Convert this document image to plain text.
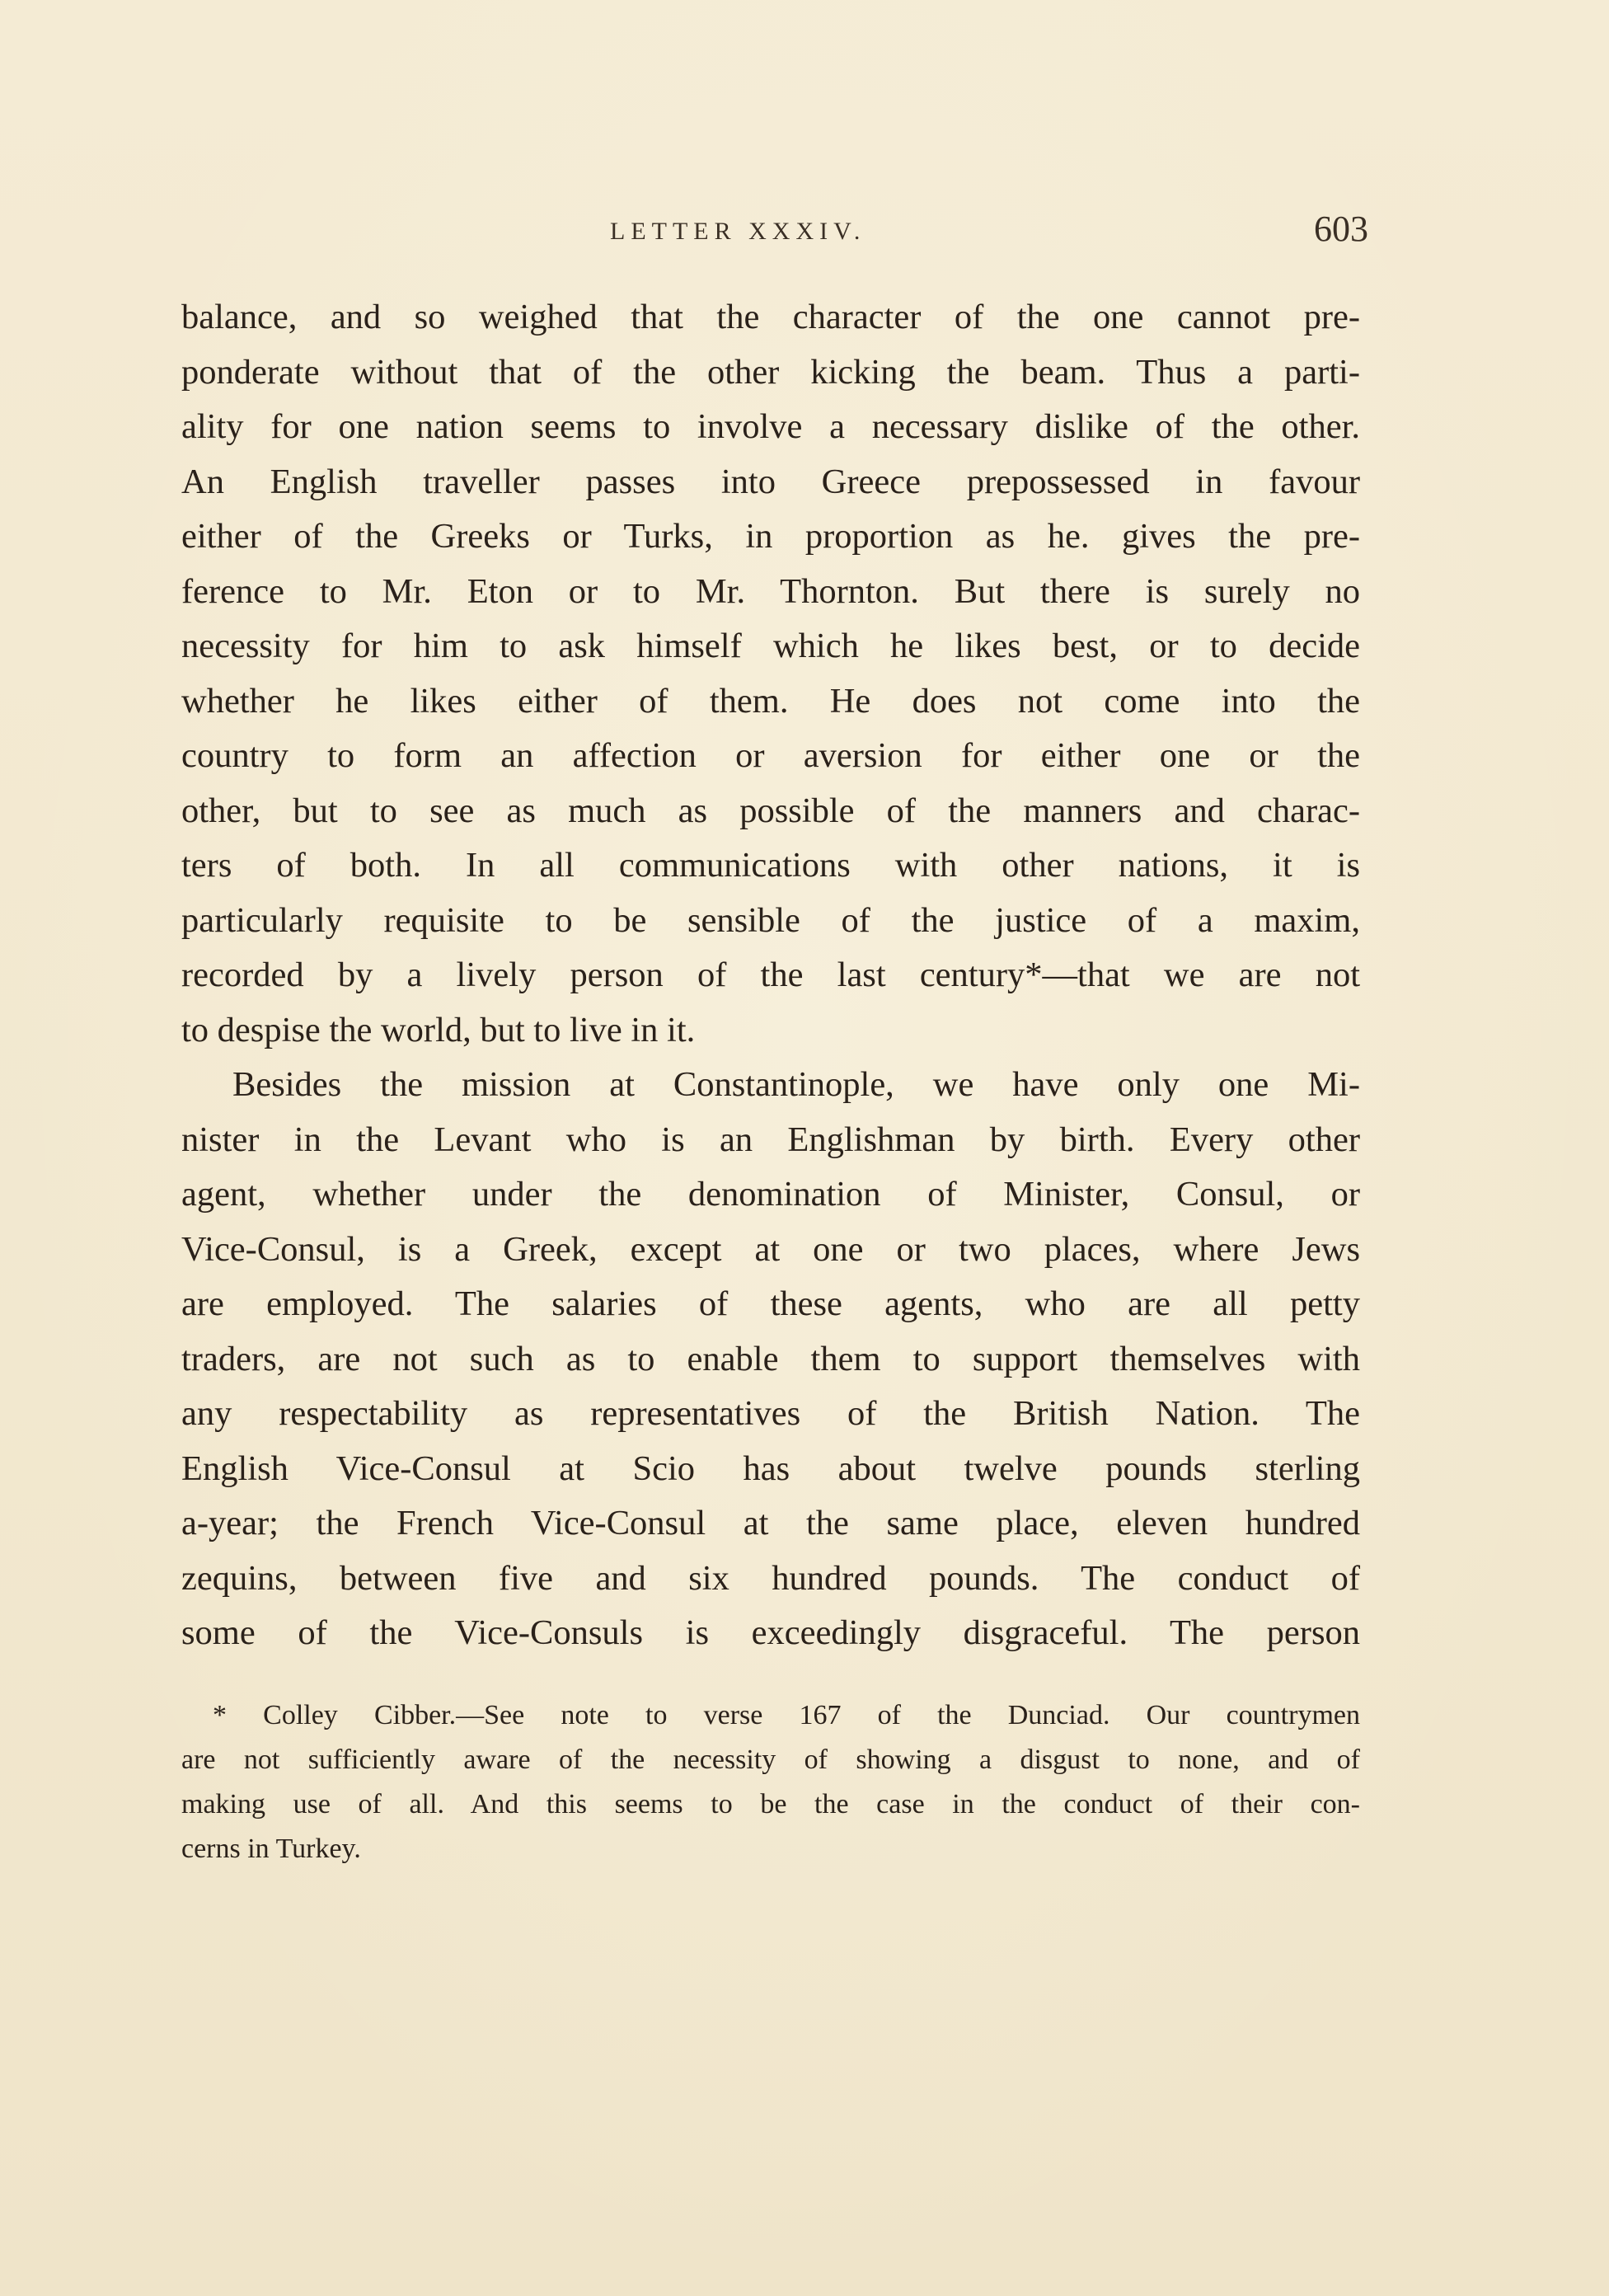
LETTER XXXIV.	603
balance, and so weighed that the character of the one cannot pre-
ponderate without that of the other kicking the beam. Thus a parti-
ality for one nation seems to involve a necessary dislike of the other.
An English traveller passes into Greece prepossessed in favour
either of the Greeks or Turks, in proportion as he. gives the pre-
ference to Mr. Eton or to Mr. Thornton. But there is surely no
necessity for him to ask himself which he likes best, or to decide
whether he likes either of them. He does not come into the
country to form an affection or aversion for either one or the
other, but to see as much as possible of the manners and charac-
ters of both. In all communications with other nations, it is
particularly requisite to be sensible of the justice of a maxim,
recorded by a lively person of the last century*—that we are not
to despise the world, but to live in it.
Besides the mission at Constantinople, we have only one Mi-
nister in the Levant who is an Englishman by birth. Every other
agent, whether under the denomination of Minister, Consul, or
Vice-Consul, is a Greek, except at one or two places, where Jews
are employed. The salaries of these agents, who are all petty
traders, are not such as to enable them to support themselves with
any respectability as representatives of the British Nation. The
English Vice-Consul at Scio has about twelve pounds sterling
a-year; the French Vice-Consul at the same place, eleven hundred
zequins, between five and six hundred pounds. The conduct of
some of the Vice-Consuls is exceedingly disgraceful. The person
* Colley Cibber.—See note to verse 167 of the Dunciad. Our countrymen
are not sufficiently aware of the necessity of showing a disgust to none, and of
making use of all. And this seems to be the case in the conduct of their con-
cerns in Turkey.
